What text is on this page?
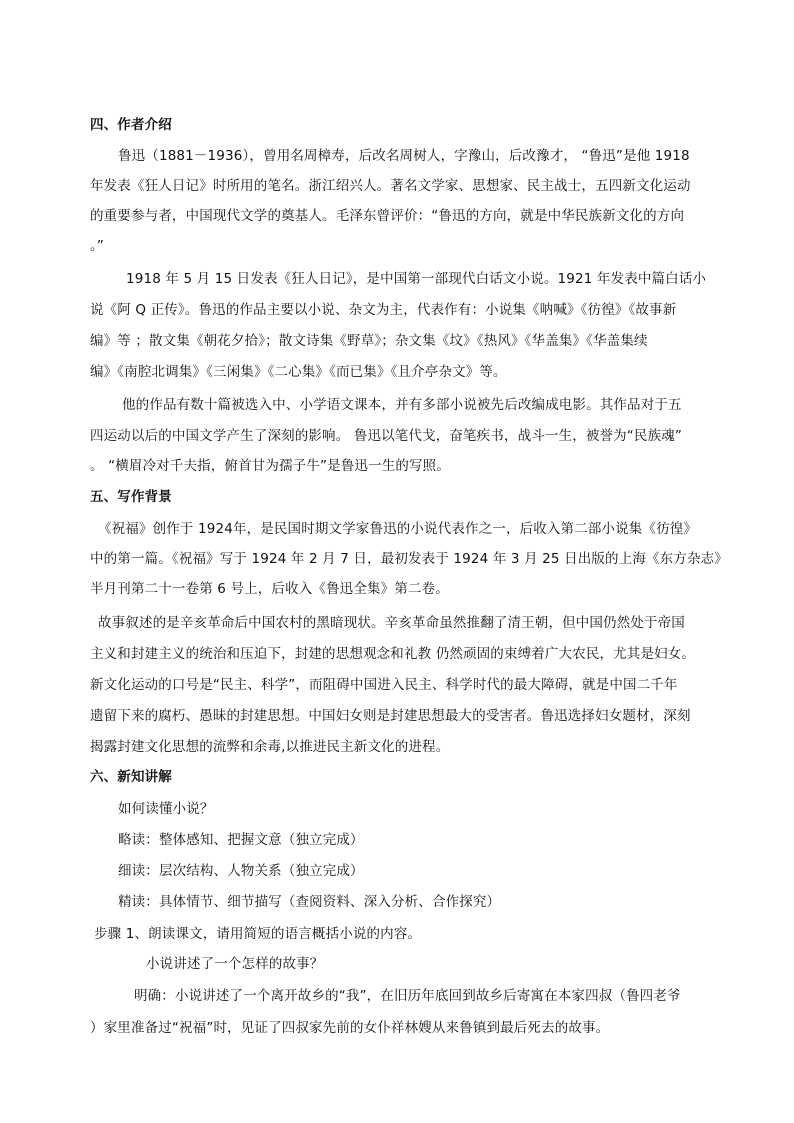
四、作者介绍
鲁迅（1881－1936），曾用名周樟寿，后改名周树人，字豫山，后改豫才， “鲁迅”是他 1918
年发表《狂人日记》时所用的笔名。浙江绍兴人。著名文学家、思想家、民主战士，五四新文化运动
的重要参与者，中国现代文学的奠基人。毛泽东曾评价：“鲁迅的方向，就是中华民族新文化的方向
。”
1918 年 5 月 15 日发表《狂人日记》，是中国第一部现代白话文小说。1921 年发表中篇白话小
说《阿 Q 正传》。鲁迅的作品主要以小说、杂文为主，代表作有：小说集《呐喊》《彷徨》《故事新
编》等 ；散文集《朝花夕拾》；散文诗集《野草》；杂文集《坟》《热风》《华盖集》《华盖集续
编》《南腔北调集》《三闲集》《二心集》《而已集》《且介亭杂文》等。
他的作品有数十篇被选入中、小学语文课本，并有多部小说被先后改编成电影。其作品对于五
四运动以后的中国文学产生了深刻的影响。 鲁迅以笔代戈，奋笔疾书，战斗一生，被誉为“民族魂”
。 “横眉冷对千夫指，俯首甘为孺子牛”是鲁迅一生的写照。
五、写作背景
《祝福》创作于 1924年，是民国时期文学家鲁迅的小说代表作之一，后收入第二部小说集《彷徨》
中的第一篇。《祝福》写于 1924 年 2 月 7 日，最初发表于 1924 年 3 月 25 日出版的上海《东方杂志》
半月刊第二十一卷第 6 号上，后收入《鲁迅全集》第二卷。
故事叙述的是辛亥革命后中国农村的黑暗现状。辛亥革命虽然推翻了清王朝，但中国仍然处于帝国
主义和封建主义的统治和压迫下，封建的思想观念和礼教 仍然顽固的束缚着广大农民，尤其是妇女。
新文化运动的口号是“民主、科学”，而阻碍中国进入民主、科学时代的最大障碍，就是中国二千年
遗留下来的腐朽、愚昧的封建思想。中国妇女则是封建思想最大的受害者。鲁迅选择妇女题材，深刻
揭露封建文化思想的流弊和余毒,以推进民主新文化的进程。
六、新知讲解
如何读懂小说？
略读：整体感知、把握文意（独立完成）
细读：层次结构、人物关系（独立完成）
精读：具体情节、细节描写（查阅资料、深入分析、合作探究）
步骤 1、朗读课文，请用简短的语言概括小说的内容。
小说讲述了一个怎样的故事？
明确：小说讲述了一个离开故乡的“我”，在旧历年底回到故乡后寄寓在本家四叔（鲁四老爷
）家里准备过“祝福”时，见证了四叔家先前的女仆祥林嫂从来鲁镇到最后死去的故事。
